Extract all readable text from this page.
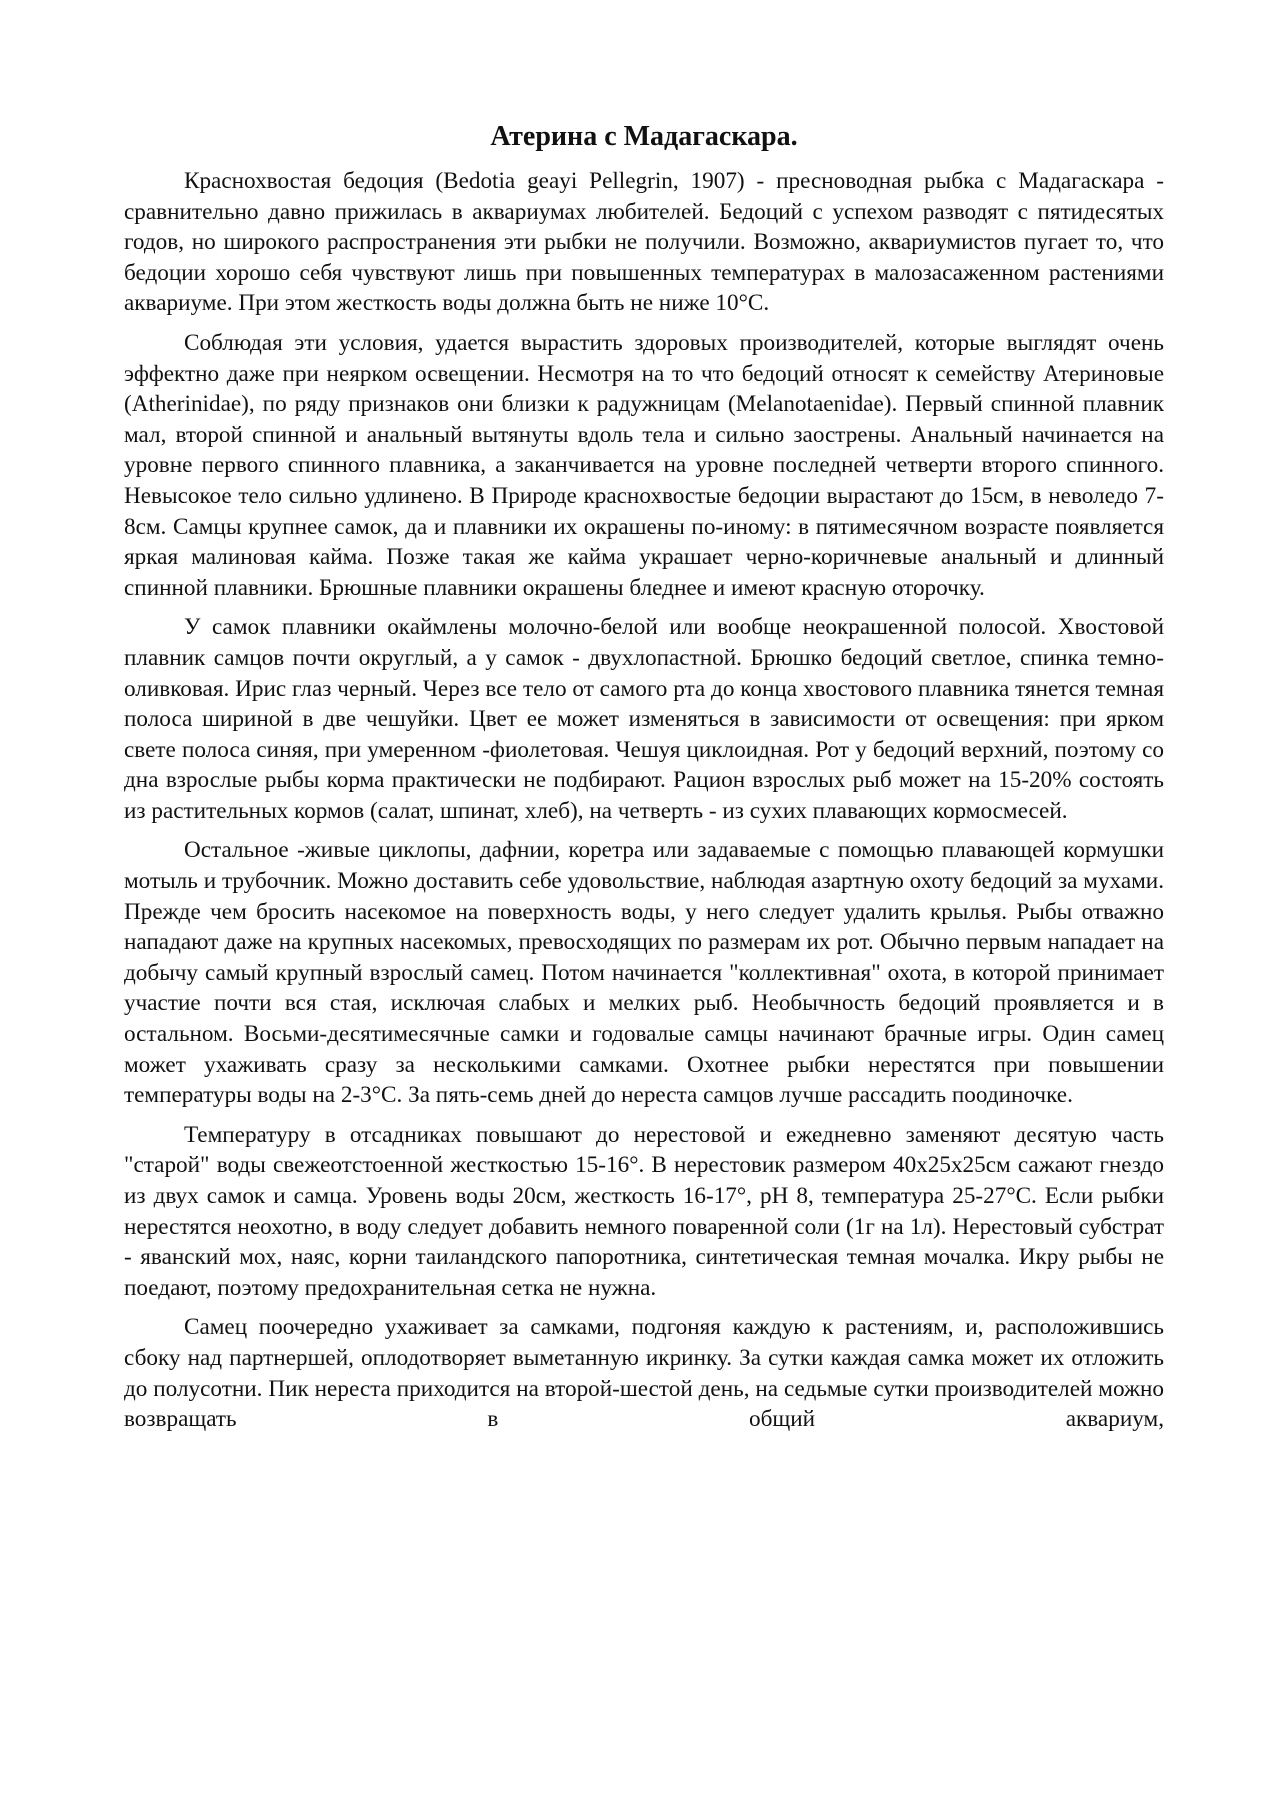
Атерина с Мадагаскара.

Краснохвостая бедоция (Bedotia geayi Pellegrin, 1907) - пресноводная рыбка с Мадагаскара - сравнительно давно прижилась в аквариумах любителей. Бедоций с успехом разводят с пятидесятых годов, но широкого распространения эти рыбки не получили. Возможно, аквариумистов пугает то, что бедоции хорошо себя чувствуют лишь при повышенных температурах в малозасаженном растениями аквариуме. При этом жесткость воды должна быть не ниже 10°С.

Соблюдая эти условия, удается вырастить здоровых производителей, которые выглядят очень эффектно даже при неярком освещении. Несмотря на то что бедоций относят к семейству Атериновые (Atherinidae), по ряду признаков они близки к радужницам (Melanotaenidae). Первый спинной плавник мал, второй спинной и анальный вытянуты вдоль тела и сильно заострены. Анальный начинается на уровне первого спинного плавника, а заканчивается на уровне последней четверти второго спинного. Невысокое тело сильно удлинено. В Природе краснохвостые бедоции вырастают до 15см, в неволедо 7-8см. Самцы крупнее самок, да и плавники их окрашены по-иному: в пятимесячном возрасте появляется яркая малиновая кайма. Позже такая же кайма украшает черно-коричневые анальный и длинный спинной плавники. Брюшные плавники окрашены бледнее и имеют красную оторочку.

У самок плавники окаймлены молочно-белой или вообще неокрашенной полосой. Хвостовой плавник самцов почти округлый, а у самок - двухлопастной. Брюшко бедоций светлое, спинка темно-оливковая. Ирис глаз черный. Через все тело от самого рта до конца хвостового плавника тянется темная полоса шириной в две чешуйки. Цвет ее может изменяться в зависимости от освещения: при ярком свете полоса синяя, при умеренном -фиолетовая. Чешуя циклоидная. Рот у бедоций верхний, поэтому со дна взрослые рыбы корма практически не подбирают. Рацион взрослых рыб может на 15-20% состоять из растительных кормов (салат, шпинат, хлеб), на четверть - из сухих плавающих кормосмесей.

Остальное -живые циклопы, дафнии, коретра или задаваемые с помощью плавающей кормушки мотыль и трубочник. Можно доставить себе удовольствие, наблюдая азартную охоту бедоций за мухами. Прежде чем бросить насекомое на поверхность воды, у него следует удалить крылья. Рыбы отважно нападают даже на крупных насекомых, превосходящих по размерам их рот. Обычно первым нападает на добычу самый крупный взрослый самец. Потом начинается "коллективная" охота, в которой принимает участие почти вся стая, исключая слабых и мелких рыб. Необычность бедоций проявляется и в остальном. Восьми-десятимесячные самки и годовалые самцы начинают брачные игры. Один самец может ухаживать сразу за несколькими самками. Охотнее рыбки нерестятся при повышении температуры воды на 2-3°С. За пять-семь дней до нереста самцов лучше рассадить поодиночке.

Температуру в отсадниках повышают до нерестовой и ежедневно заменяют десятую часть "старой" воды свежеотстоенной жесткостью 15-16°. В нерестовик размером 40х25х25см сажают гнездо из двух самок и самца. Уровень воды 20см, жесткость 16-17°, рН 8, температура 25-27°С. Если рыбки нерестятся неохотно, в воду следует добавить немного поваренной соли (1г на 1л). Нерестовый субстрат - яванский мох, наяс, корни таиландского папоротника, синтетическая темная мочалка. Икру рыбы не поедают, поэтому предохранительная сетка не нужна.

Самец поочередно ухаживает за самками, подгоняя каждую к растениям, и, расположившись сбоку над партнершей, оплодотворяет выметанную икринку. За сутки каждая самка может их отложить до полусотни. Пик нереста приходится на второй-шестой день, на седьмые сутки производителей можно возвращать в общий аквариум,
